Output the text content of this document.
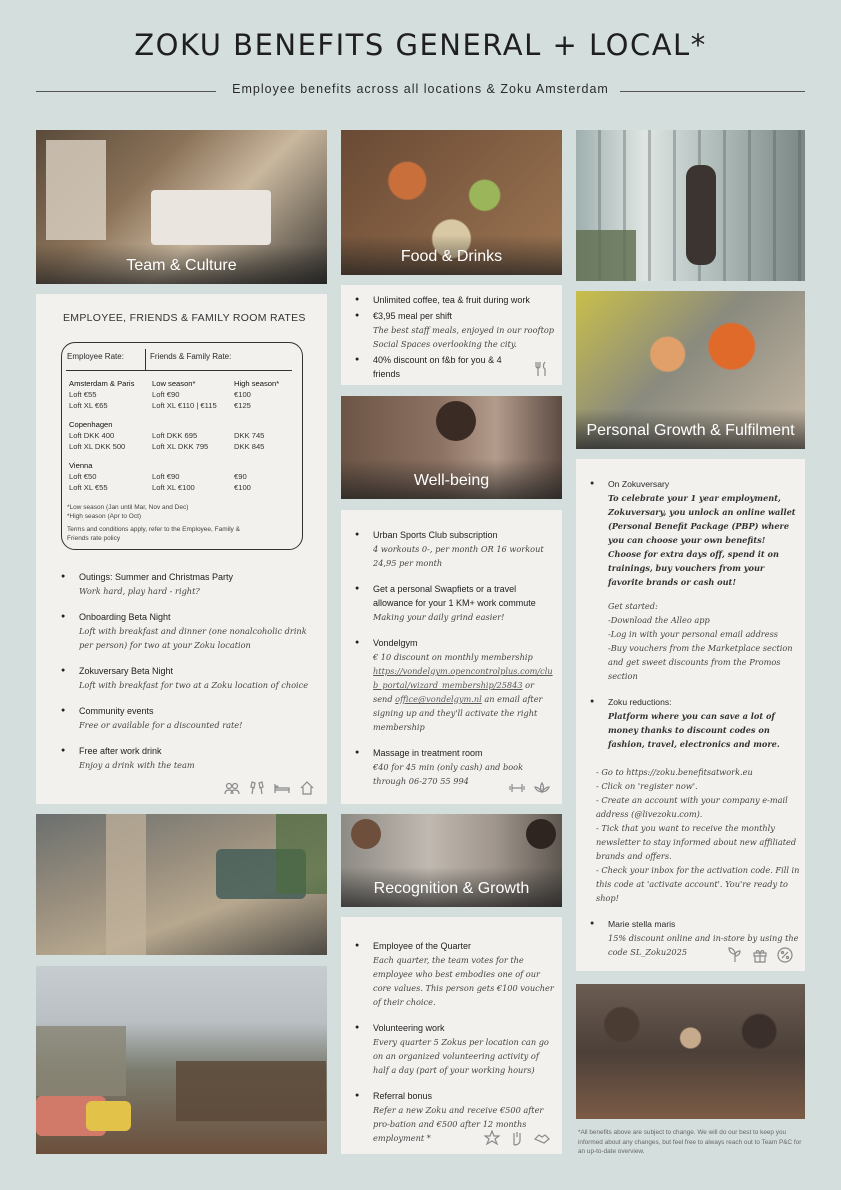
ZOKU BENEFITS GENERAL + LOCAL*
Employee benefits across all locations & Zoku Amsterdam
Team & Culture
EMPLOYEE, FRIENDS & FAMILY ROOM RATES
Employee Rate:	Friends & Family Rate:
Amsterdam & Paris	Low season*	High season*
Loft €55	Loft €90	€100
Loft XL €65	Loft XL €110 | €115	€125

Copenhagen		
Loft DKK 400	Loft DKK 695	DKK 745
Loft XL DKK 500	Loft XL DKK 795	DKK 845

Vienna		
Loft €50	Loft €90	€90
Loft XL €55	Loft XL €100	€100
*Low season (Jan until Mar, Nov and Dec)
*High season (Apr to Oct)
Terms and conditions apply, refer to the Employee, Family & Friends rate policy
● Outings: Summer and Christmas Party
Work hard, play hard - right?
● Onboarding Beta Night
Loft with breakfast and dinner (one nonalcoholic drink per person) for two at your Zoku location
● Zokuversary Beta Night
Loft with breakfast for two at a Zoku location of choice
● Community events
Free or available for a discounted rate!
● Free after work drink
Enjoy a drink with the team
Food & Drinks
● Unlimited coffee, tea & fruit during work
● €3,95 meal per shift
The best staff meals, enjoyed in our rooftop Social Spaces overlooking the city.
● 40% discount on f&b for you & 4 friends
Well-being
● Urban Sports Club subscription
4 workouts 0-, per month OR 16 workout 24,95 per month
● Get a personal Swapfiets or a travel allowance for your 1 KM+ work commute
Making your daily grind easier!
● Vondelgym
€ 10 discount on monthly membership
https://vondelgym.opencontrolplus.com/club_portal/wizard_membership/25843 or send office@vondelgym.nl an email after signing up and they'll activate the right membership
● Massage in treatment room
€40 for 45 min (only cash) and book through 06-270 55 994
Recognition & Growth
● Employee of the Quarter
Each quarter, the team votes for the employee who best embodies one of our core values. This person gets €100 voucher of their choice.
● Volunteering work
Every quarter 5 Zokus per location can go on an organized volunteering activity of half a day (part of your working hours)
● Referral bonus
Refer a new Zoku and receive €500 after pro-bation and €500 after 12 months employment *
Personal Growth & Fulfilment
● On Zokuversary
To celebrate your 1 year employment, Zokuversary, you unlock an online wallet (Personal Benefit Package (PBP) where you can choose your own benefits!
Choose for extra days off, spend it on trainings, buy vouchers from your favorite brands or cash out!
Get started:
-Download the Alleo app
-Log in with your personal email address
-Buy vouchers from the Marketplace section and get sweet discounts from the Promos section
● Zoku reductions:
Platform where you can save a lot of money thanks to discount codes on fashion, travel, electronics and more.
- Go to https://zoku.benefitsatwork.eu
- Click on 'register now'.
- Create an account with your company e-mail address (@livezoku.com).
- Tick that you want to receive the monthly newsletter to stay informed about new affiliated brands and offers.
- Check your inbox for the activation code. Fill in this code at 'activate account'. You're ready to shop!
● Marie stella maris
15% discount online and in-store by using the code SL_Zoku2025
*All benefits above are subject to change. We will do our best to keep you informed about any changes, but feel free to always reach out to Team P&C for an up-to-date overview.
